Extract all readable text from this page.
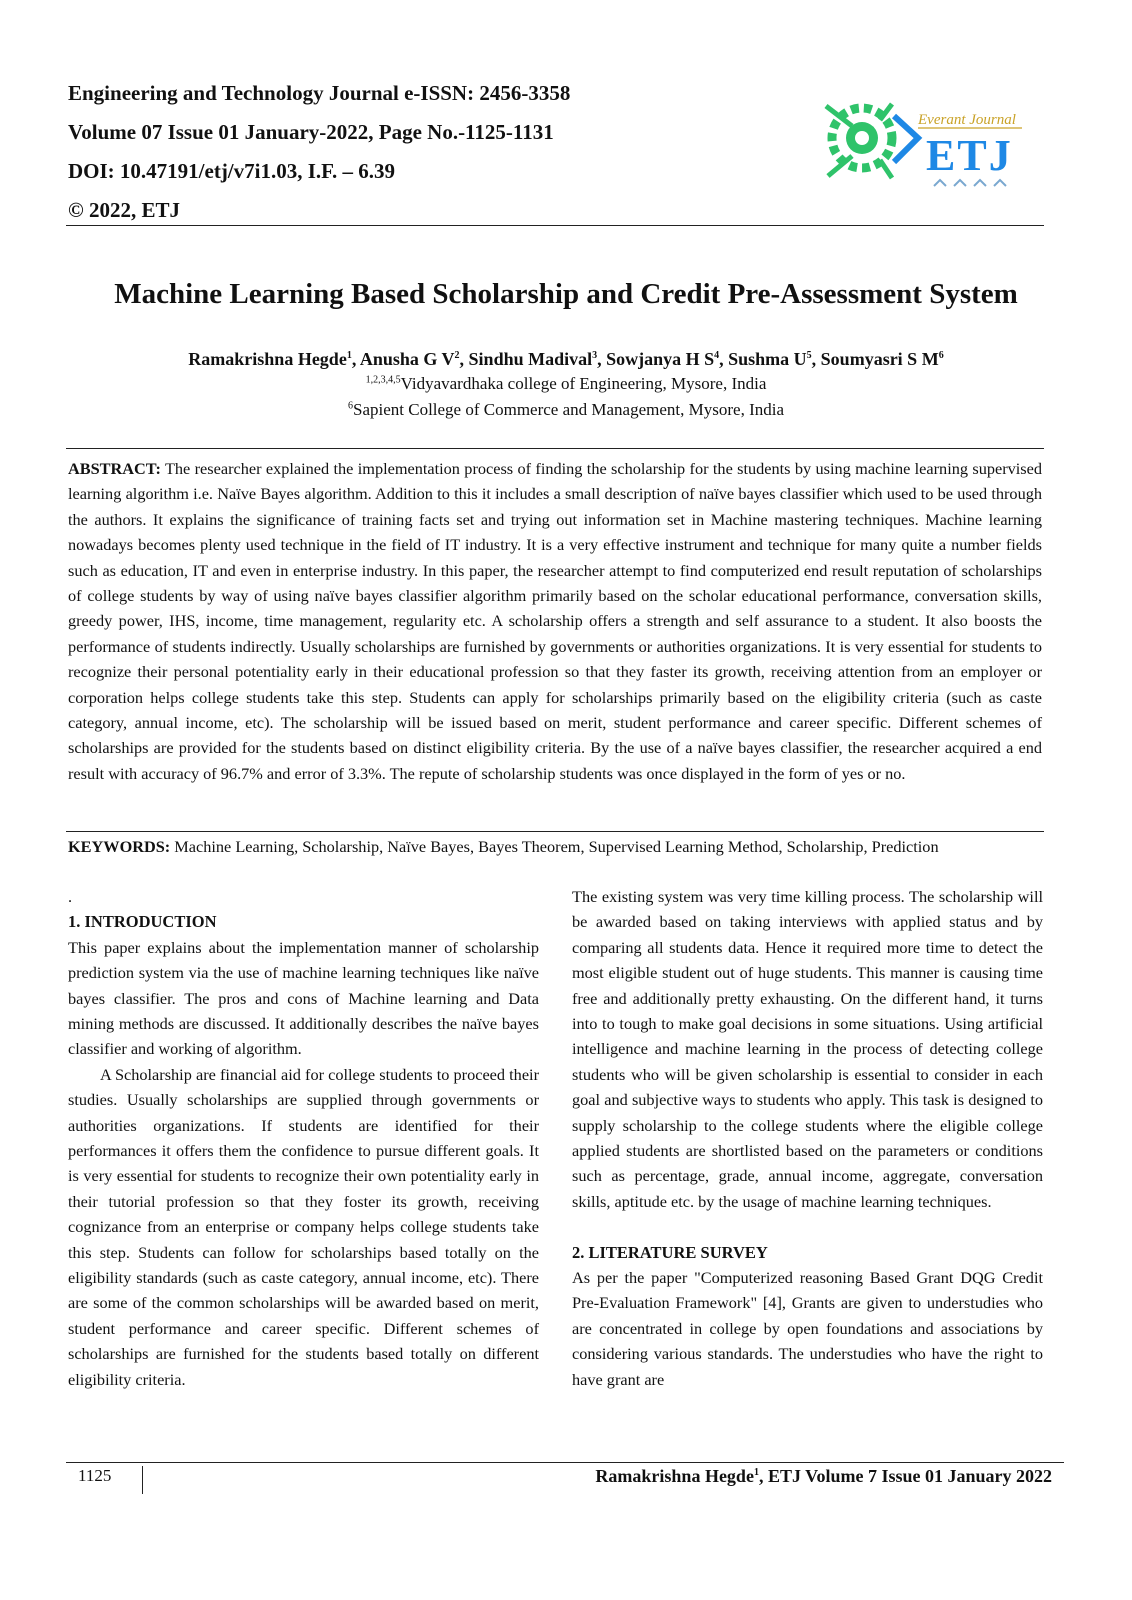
Engineering and Technology Journal e-ISSN: 2456-3358

Volume 07 Issue 01 January-2022, Page No.-1125-1131

DOI: 10.47191/etj/v7i1.03, I.F. – 6.39

© 2022, ETJ

Everant Journal
ETJ
Machine Learning Based Scholarship and Credit Pre-Assessment System

Ramakrishna Hegde$^1$, Anusha G $V^2$, Sindhu Madival$^3$, Sowjanya H $S^4$, Sushma $U^5$, Soumyasri S $M^6$

$^{1,2,3,4,5}$Vidyavardhaka college of Engineering, Mysore, India

$^6$Sapient College of Commerce and Management, Mysore, India

ABSTRACT: The researcher explained the implementation process of finding the scholarship for the students by using machine learning supervised learning algorithm i.e. Naïve Bayes algorithm. Addition to this it includes a small description of naïve bayes classifier which used to be used through the authors. It explains the significance of training facts set and trying out information set in Machine mastering techniques. Machine learning nowadays becomes plenty used technique in the field of IT industry. It is a very effective instrument and technique for many quite a number fields such as education, IT and even in enterprise industry. In this paper, the researcher attempt to find computerized end result reputation of scholarships of college students by way of using naïve bayes classifier algorithm primarily based on the scholar educational performance, conversation skills, greedy power, IHS, income, time management, regularity etc. A scholarship offers a strength and self assurance to a student. It also boosts the performance of students indirectly. Usually scholarships are furnished by governments or authorities organizations. It is very essential for students to recognize their personal potentiality early in their educational profession so that they faster its growth, receiving attention from an employer or corporation helps college students take this step. Students can apply for scholarships primarily based on the eligibility criteria (such as caste category, annual income, etc). The scholarship will be issued based on merit, student performance and career specific. Different schemes of scholarships are provided for the students based on distinct eligibility criteria. By the use of a naïve bayes classifier, the researcher acquired a end result with accuracy of 96.7% and error of 3.3%. The repute of scholarship students was once displayed in the form of yes or no.

KEYWORDS: Machine Learning, Scholarship, Naïve Bayes, Bayes Theorem, Supervised Learning Method, Scholarship, Prediction

.

1. INTRODUCTION

This paper explains about the implementation manner of scholarship prediction system via the use of machine learning techniques like naïve bayes classifier. The pros and cons of Machine learning and Data mining methods are discussed. It additionally describes the naïve bayes classifier and working of algorithm.

A Scholarship are financial aid for college students to proceed their studies. Usually scholarships are supplied through governments or authorities organizations. If students are identified for their performances it offers them the confidence to pursue different goals. It is very essential for students to recognize their own potentiality early in their tutorial profession so that they foster its growth, receiving cognizance from an enterprise or company helps college students take this step. Students can follow for scholarships based totally on the eligibility standards (such as caste category, annual income, etc). There are some of the common scholarships will be awarded based on merit, student performance and career specific. Different schemes of scholarships are furnished for the students based totally on different eligibility criteria.

The existing system was very time killing process. The scholarship will be awarded based on taking interviews with applied status and by comparing all students data. Hence it required more time to detect the most eligible student out of huge students. This manner is causing time free and additionally pretty exhausting. On the different hand, it turns into to tough to make goal decisions in some situations. Using artificial intelligence and machine learning in the process of detecting college students who will be given scholarship is essential to consider in each goal and subjective ways to students who apply. This task is designed to supply scholarship to the college students where the eligible college applied students are shortlisted based on the parameters or conditions such as percentage, grade, annual income, aggregate, conversation skills, aptitude etc. by the usage of machine learning techniques.

2. LITERATURE SURVEY

As per the paper "Computerized reasoning Based Grant DQG Credit Pre-Evaluation Framework" [4], Grants are given to understudies who are concentrated in college by open foundations and associations by considering various standards. The understudies who have the right to have grant are

1125	Ramakrishna Hegde$^1$, ETJ Volume 7 Issue 01 January 2022
